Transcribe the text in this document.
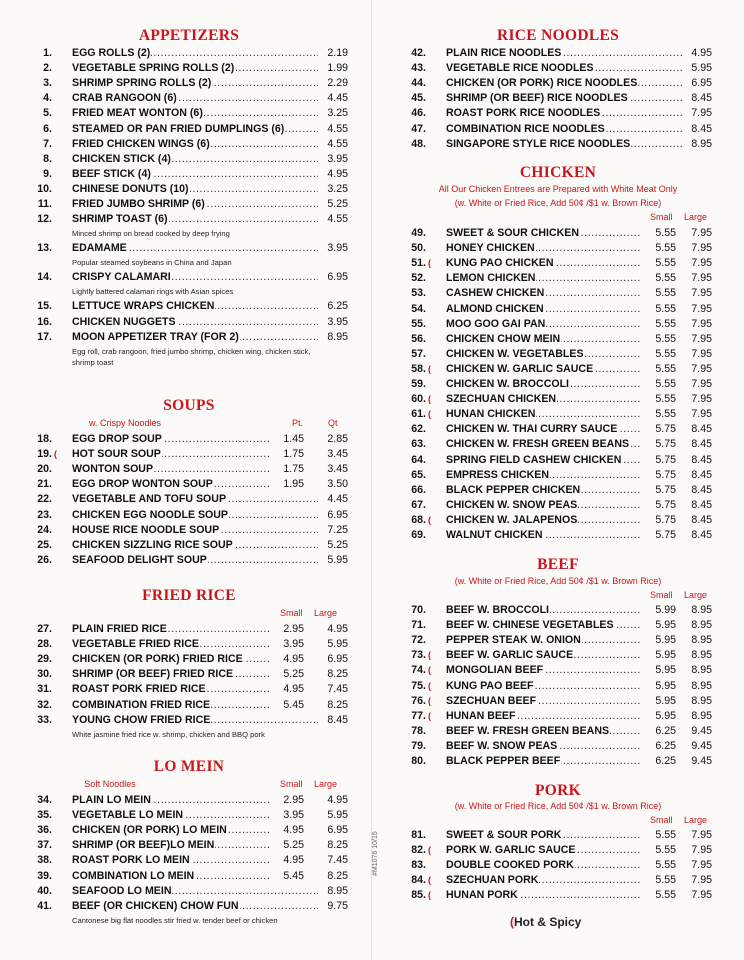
APPETIZERS
SOUPS
w. Crispy Noodles	Pt.	Qt
FRIED RICE
Small Large
LO MEIN
Soft Noodles	Small Large
1. EGG ROLLS (2) .....	2.19
2. VEGETABLE SPRING ROLLS (2) .....	1.99
3. SHRIMP SPRING ROLLS (2) .....	2.29
4. CRAB RANGOON (6) .....	4.45
5. FRIED MEAT WONTON (6) .....	3.25
6. STEAMED OR PAN FRIED DUMPLINGS (6) .....	4.55
7. FRIED CHICKEN WINGS (6) .....	4.55
8. CHICKEN STICK (4) .....	3.95
9. BEEF STICK (4) .....	4.95
10. CHINESE DONUTS (10) .....	3.25
11. FRIED JUMBO SHRIMP (6) .....	5.25
12. SHRIMP TOAST (6) .....	4.55
Minced shrimp on bread cooked by deep frying
13. EDAMAME .....	3.95
Popular steamed soybeans in China and Japan
14. CRISPY CALAMARI .....	6.95
Lightly battered calamari rings with Asian spices
15. LETTUCE WRAPS CHICKEN .....	6.25
16. CHICKEN NUGGETS .....	3.95
17. MOON APPETIZER TRAY (FOR 2) .....	8.95
Egg roll, crab rangoon, fried jumbo shrimp, chicken wing, chicken stick, shrimp toast
18. EGG DROP SOUP .....	1.45 2.85
19. ( HOT SOUR SOUP .....	1.75 3.45
20. WONTON SOUP .....	1.75 3.45
21. EGG DROP WONTON SOUP .....	1.95 3.50
22. VEGETABLE AND TOFU SOUP .....	4.45
23. CHICKEN EGG NOODLE SOUP .....	6.95
24. HOUSE RICE NOODLE SOUP .....	7.25
25. CHICKEN SIZZLING RICE SOUP .....	5.25
26. SEAFOOD DELIGHT SOUP .....	5.95
27. PLAIN FRIED RICE .....	2.95 4.95
28. VEGETABLE FRIED RICE .....	3.95 5.95
29. CHICKEN (OR PORK) FRIED RICE .....	4.95 6.95
30. SHRIMP (OR BEEF) FRIED RICE .....	5.25 8.25
31. ROAST PORK FRIED RICE .....	4.95 7.45
32. COMBINATION FRIED RICE .....	5.45 8.25
33. YOUNG CHOW FRIED RICE .....	8.45
White jasmine fried rice w. shrimp, chicken and BBQ pork
34. PLAIN LO MEIN .....	2.95 4.95
35. VEGETABLE LO MEIN .....	3.95 5.95
36. CHICKEN (OR PORK) LO MEIN .....	4.95 6.95
37. SHRIMP (OR BEEF)LO MEIN .....	5.25 8.25
38. ROAST PORK LO MEIN .....	4.95 7.45
39. COMBINATION LO MEIN .....	5.45 8.25
40. SEAFOOD LO MEIN .....	8.95
41. BEEF (OR CHICKEN) CHOW FUN .....	9.75
Cantonese big flat noodles stir fried w. tender beef or chicken
#M1076 10/15
RICE NOODLES
CHICKEN
All Our Chicken Entrees are Prepared with White Meat Only
(w. White or Fried Rice, Add 50¢ /$1 w. Brown Rice)
Small Large
BEEF
(w. White or Fried Rice, Add 50¢ /$1 w. Brown Rice)
Small Large
PORK
(w. White or Fried Rice, Add 50¢ /$1 w. Brown Rice)
Small Large
(Hot & Spicy
42. PLAIN RICE NOODLES .....	4.95
43. VEGETABLE RICE NOODLES .....	5.95
44. CHICKEN (OR PORK) RICE NOODLES .....	6.95
45. SHRIMP (OR BEEF) RICE NOODLES .....	8.45
46. ROAST PORK RICE NOODLES .....	7.95
47. COMBINATION RICE NOODLES .....	8.45
48. SINGAPORE STYLE RICE NOODLES .....	8.95
49. SWEET & SOUR CHICKEN .....	5.55 7.95
50. HONEY CHICKEN .....	5.55 7.95
51. ( KUNG PAO CHICKEN .....	5.55 7.95
52. LEMON CHICKEN .....	5.55 7.95
53. CASHEW CHICKEN .....	5.55 7.95
54. ALMOND CHICKEN .....	5.55 7.95
55. MOO GOO GAI PAN .....	5.55 7.95
56. CHICKEN CHOW MEIN .....	5.55 7.95
57. CHICKEN W. VEGETABLES .....	5.55 7.95
58. ( CHICKEN W. GARLIC SAUCE .....	5.55 7.95
59. CHICKEN W. BROCCOLI .....	5.55 7.95
60. ( SZECHUAN CHICKEN .....	5.55 7.95
61. ( HUNAN CHICKEN .....	5.55 7.95
62. CHICKEN W. THAI CURRY SAUCE .....	5.75 8.45
63. CHICKEN W. FRESH GREEN BEANS .....	5.75 8.45
64. SPRING FIELD CASHEW CHICKEN .....	5.75 8.45
65. EMPRESS CHICKEN .....	5.75 8.45
66. BLACK PEPPER CHICKEN .....	5.75 8.45
67. CHICKEN W. SNOW PEAS .....	5.75 8.45
68. ( CHICKEN W. JALAPENOS .....	5.75 8.45
69. WALNUT CHICKEN .....	5.75 8.45
70. BEEF W. BROCCOLI .....	5.99 8.95
71. BEEF W. CHINESE VEGETABLES .....	5.95 8.95
72. PEPPER STEAK W. ONION .....	5.95 8.95
73. ( BEEF W. GARLIC SAUCE .....	5.95 8.95
74. ( MONGOLIAN BEEF .....	5.95 8.95
75. ( KUNG PAO BEEF .....	5.95 8.95
76. ( SZECHUAN BEEF .....	5.95 8.95
77. ( HUNAN BEEF .....	5.95 8.95
78. BEEF W. FRESH GREEN BEANS .....	6.25 9.45
79. BEEF W. SNOW PEAS .....	6.25 9.45
80. BLACK PEPPER BEEF .....	6.25 9.45
81. SWEET & SOUR PORK .....	5.55 7.95
82. ( PORK W. GARLIC SAUCE .....	5.55 7.95
83. DOUBLE COOKED PORK .....	5.55 7.95
84. ( SZECHUAN PORK .....	5.55 7.95
85. ( HUNAN PORK .....	5.55 7.95
